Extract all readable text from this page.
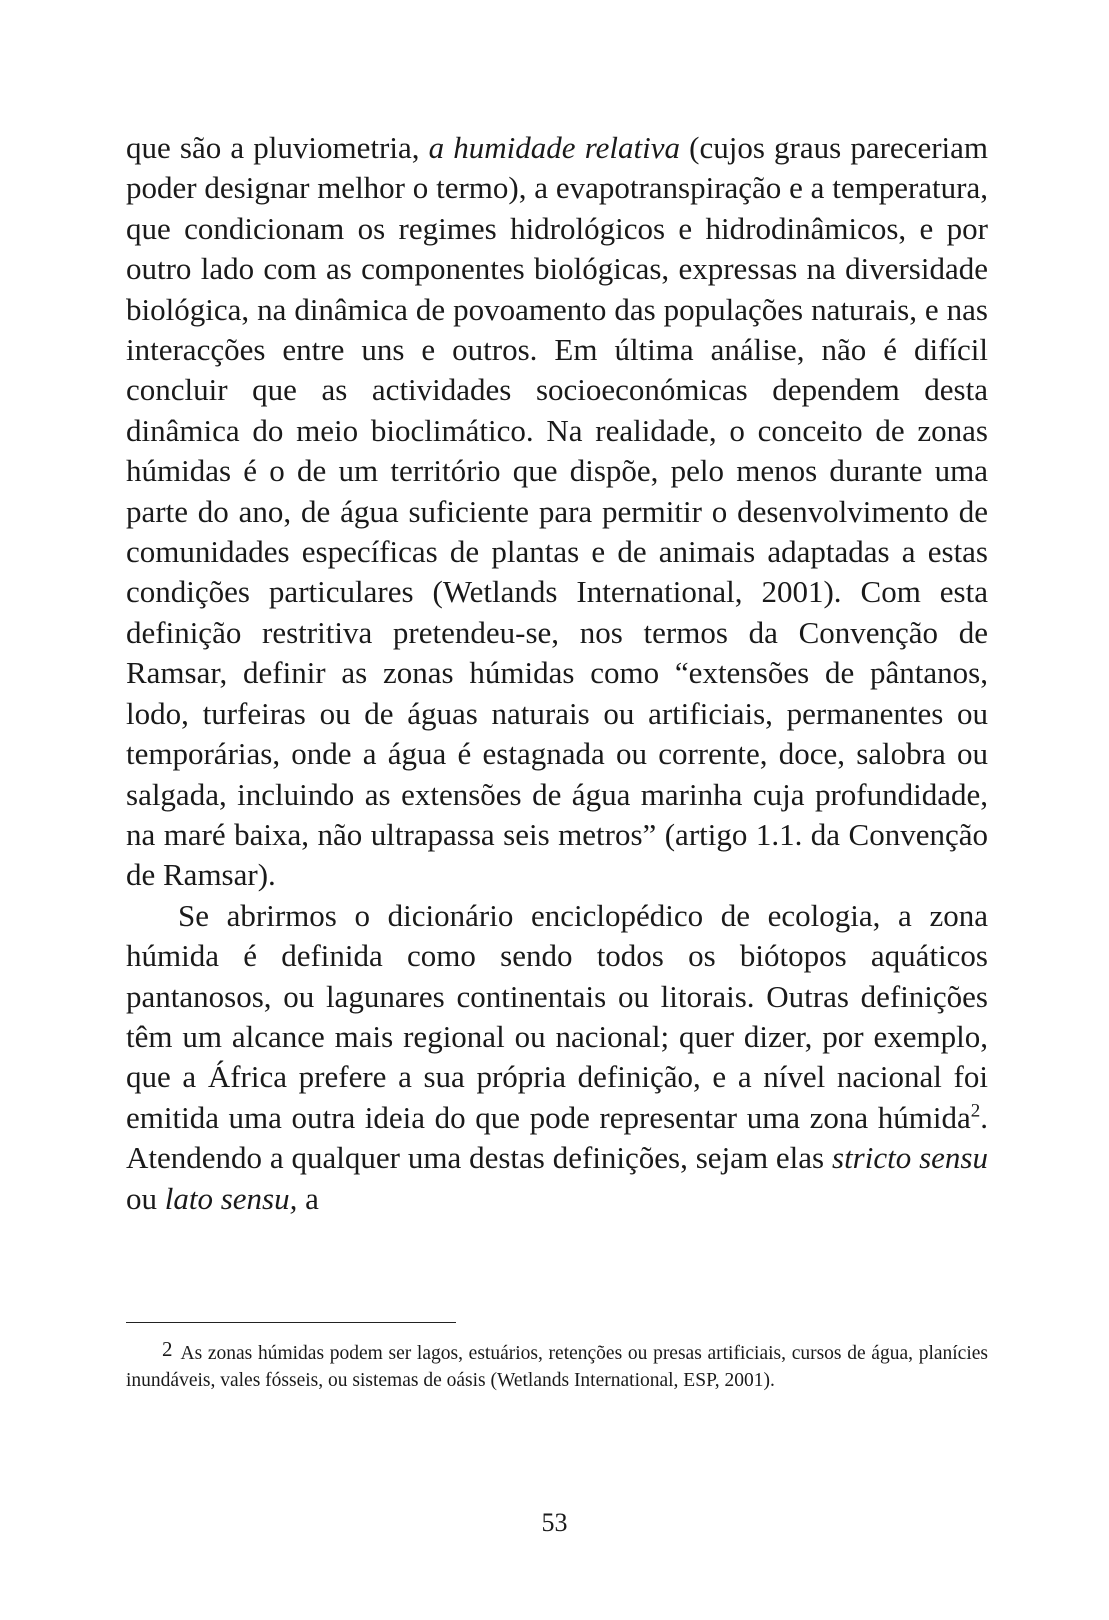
que são a pluviometria, a humidade relativa (cujos graus pareceriam poder designar melhor o termo), a evapotranspiração e a temperatura, que condicionam os regimes hidrológicos e hidrodinâmicos, e por outro lado com as componentes biológicas, expressas na diversidade biológica, na dinâmica de povoamento das populações naturais, e nas interacções entre uns e outros. Em última análise, não é difícil concluir que as actividades socioeconómicas dependem desta dinâmica do meio bioclimático. Na realidade, o conceito de zonas húmidas é o de um território que dispõe, pelo menos durante uma parte do ano, de água suficiente para permitir o desenvolvimento de comunidades específicas de plantas e de animais adaptadas a estas condições particulares (Wetlands International, 2001). Com esta definição restritiva pretendeu-se, nos termos da Convenção de Ramsar, definir as zonas húmidas como “extensões de pântanos, lodo, turfeiras ou de águas naturais ou artificiais, permanentes ou temporárias, onde a água é estagnada ou corrente, doce, salobra ou salgada, incluindo as extensões de água marinha cuja profundidade, na maré baixa, não ultrapassa seis metros” (artigo 1.1. da Convenção de Ramsar).

Se abrirmos o dicionário enciclopédico de ecologia, a zona húmida é definida como sendo todos os biótopos aquáticos pantanosos, ou lagunares continentais ou litorais. Outras definições têm um alcance mais regional ou nacional; quer dizer, por exemplo, que a África prefere a sua própria definição, e a nível nacional foi emitida uma outra ideia do que pode representar uma zona húmida$^2$. Atendendo a qualquer uma destas definições, sejam elas stricto sensu ou lato sensu, a

2 As zonas húmidas podem ser lagos, estuários, retenções ou presas artificiais, cursos de água, planícies inundáveis, vales fósseis, ou sistemas de oásis (Wetlands International, ESP, 2001).

53
